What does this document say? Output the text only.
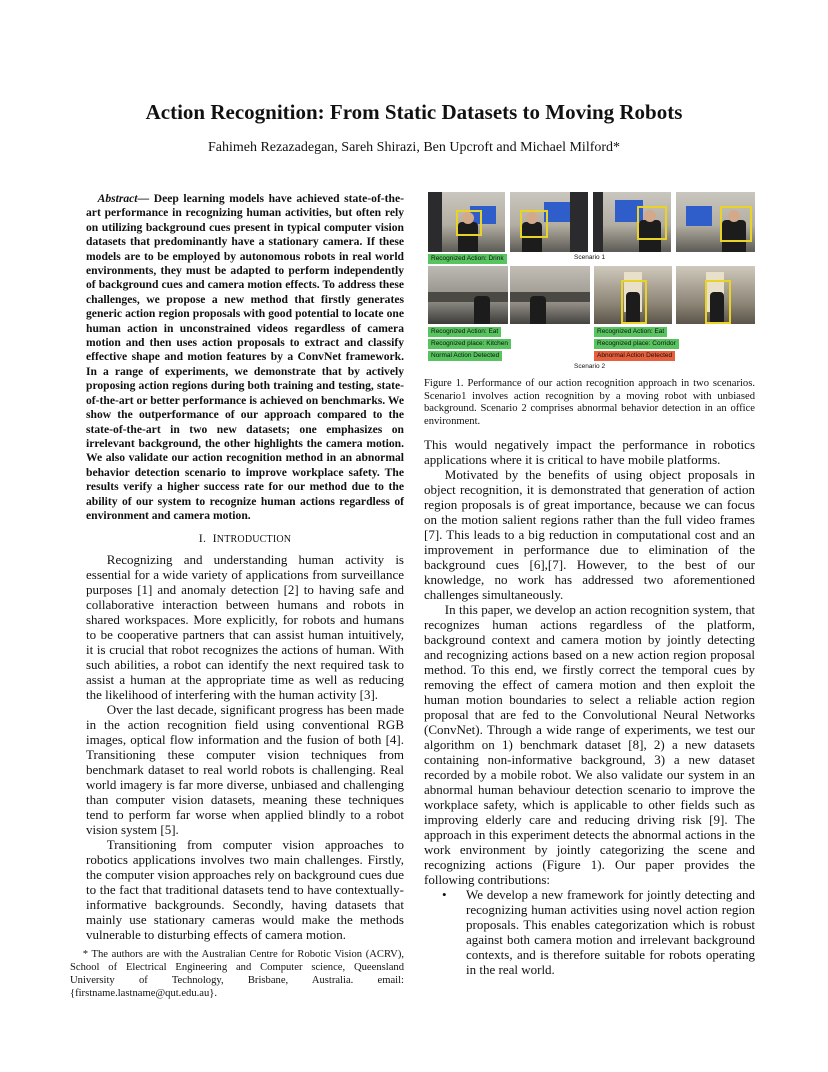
Action Recognition: From Static Datasets to Moving Robots
Fahimeh Rezazadegan, Sareh Shirazi, Ben Upcroft and Michael Milford*

Abstract— Deep learning models have achieved state-of-the-art performance in recognizing human activities, but often rely on utilizing background cues present in typical computer vision datasets that predominantly have a stationary camera. If these models are to be employed by autonomous robots in real world environments, they must be adapted to perform independently of background cues and camera motion effects. To address these challenges, we propose a new method that firstly generates generic action region proposals with good potential to locate one human action in unconstrained videos regardless of camera motion and then uses action proposals to extract and classify effective shape and motion features by a ConvNet framework. In a range of experiments, we demonstrate that by actively proposing action regions during both training and testing, state-of-the-art or better performance is achieved on benchmarks. We show the outperformance of our approach compared to the state-of-the-art in two new datasets; one emphasizes on irrelevant background, the other highlights the camera motion. We also validate our action recognition method in an abnormal behavior detection scenario to improve workplace safety. The results verify a higher success rate for our method due to the ability of our system to recognize human actions regardless of environment and camera motion.

I. INTRODUCTION

Recognizing and understanding human activity is essential for a wide variety of applications from surveillance purposes [1] and anomaly detection [2] to having safe and collaborative interaction between humans and robots in shared workspaces. More explicitly, for robots and humans to be cooperative partners that can assist human intuitively, it is crucial that robot recognizes the actions of human. With such abilities, a robot can identify the next required task to assist a human at the appropriate time as well as reducing the likelihood of interfering with the human activity [3].

Over the last decade, significant progress has been made in the action recognition field using conventional RGB images, optical flow information and the fusion of both [4]. Transitioning these computer vision techniques from benchmark dataset to real world robots is challenging. Real world imagery is far more diverse, unbiased and challenging than computer vision datasets, meaning these techniques tend to perform far worse when applied blindly to a robot vision system [5].

Transitioning from computer vision approaches to robotics applications involves two main challenges. Firstly, the computer vision approaches rely on background cues due to the fact that traditional datasets tend to have contextually-informative backgrounds. Secondly, having datasets that mainly use stationary cameras would make the methods vulnerable to disturbing effects of camera motion.

* The authors are with the Australian Centre for Robotic Vision (ACRV), School of Electrical Engineering and Computer science, Queensland University of Technology, Brisbane, Australia. email: {firstname.lastname@qut.edu.au}.

Recognized Action: Drink	Scenario 1
Recognized Action: Eat
Recognized place: Kitchen
Normal Action Detected
Recognized Action: Eat
Recognized place: Corridor
Abnormal Action Detected
Scenario 2

Figure 1. Performance of our action recognition approach in two scenarios. Scenario1 involves action recognition by a moving robot with unbiased background. Scenario 2 comprises abnormal behavior detection in an office environment.

This would negatively impact the performance in robotics applications where it is critical to have mobile platforms.

Motivated by the benefits of using object proposals in object recognition, it is demonstrated that generation of action region proposals is of great importance, because we can focus on the motion salient regions rather than the full video frames [7]. This leads to a big reduction in computational cost and an improvement in performance due to elimination of the background cues [6],[7]. However, to the best of our knowledge, no work has addressed two aforementioned challenges simultaneously.

In this paper, we develop an action recognition system, that recognizes human actions regardless of the platform, background context and camera motion by jointly detecting and recognizing actions based on a new action region proposal method. To this end, we firstly correct the temporal cues by removing the effect of camera motion and then exploit the human motion boundaries to select a reliable action region proposal that are fed to the Convolutional Neural Networks (ConvNet). Through a wide range of experiments, we test our algorithm on 1) benchmark dataset [8], 2) a new datasets containing non-informative background, 3) a new dataset recorded by a mobile robot. We also validate our system in an abnormal human behaviour detection scenario to improve the workplace safety, which is applicable to other fields such as improving elderly care and reducing driving risk [9]. The approach in this experiment detects the abnormal actions in the work environment by jointly categorizing the scene and recognizing actions (Figure 1). Our paper provides the following contributions:

• We develop a new framework for jointly detecting and recognizing human activities using novel action region proposals. This enables categorization which is robust against both camera motion and irrelevant background contexts, and is therefore suitable for robots operating in the real world.
